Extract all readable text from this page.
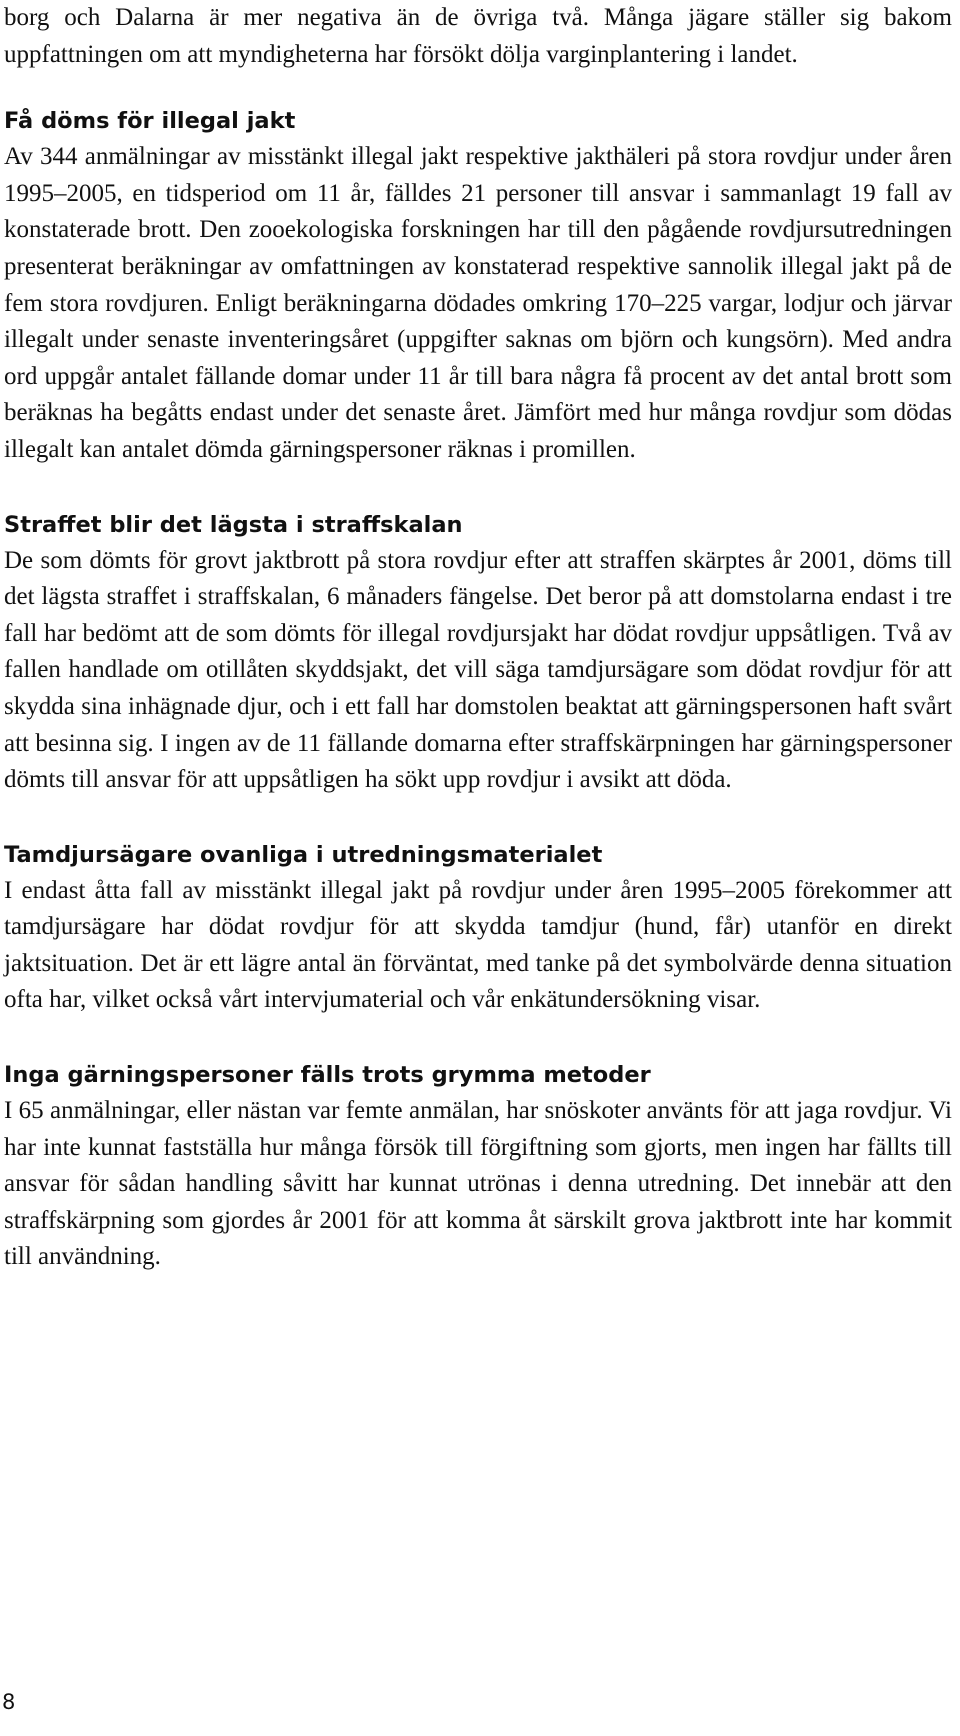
borg och Dalarna är mer negativa än de övriga två. Många jägare ställer sig bakom uppfattningen om att myndigheterna har försökt dölja varginplantering i landet.

Få döms för illegal jakt

Av 344 anmälningar av misstänkt illegal jakt respektive jakthäleri på stora rovdjur under åren 1995–2005, en tidsperiod om 11 år, fälldes 21 personer till ansvar i sammanlagt 19 fall av konstaterade brott. Den zooekologiska forskningen har till den pågående rovdjursutredningen presenterat beräkningar av omfattningen av konstaterad respektive sannolik illegal jakt på de fem stora rovdjuren. Enligt beräkningarna dödades omkring 170–225 vargar, lodjur och järvar illegalt under senaste inventeringsåret (uppgifter saknas om björn och kungsörn). Med andra ord uppgår antalet fällande domar under 11 år till bara några få procent av det antal brott som beräknas ha begåtts endast under det senaste året. Jämfört med hur många rovdjur som dödas illegalt kan antalet dömda gärningspersoner räknas i promillen.

Straffet blir det lägsta i straffskalan

De som dömts för grovt jaktbrott på stora rovdjur efter att straffen skärptes år 2001, döms till det lägsta straffet i straffskalan, 6 månaders fängelse. Det beror på att domstolarna endast i tre fall har bedömt att de som dömts för illegal rovdjursjakt har dödat rovdjur uppsåtligen. Två av fallen handlade om otillåten skyddsjakt, det vill säga tamdjursägare som dödat rovdjur för att skydda sina inhägnade djur, och i ett fall har domstolen beaktat att gärningspersonen haft svårt att besinna sig. I ingen av de 11 fällande domarna efter straffskärpningen har gärningspersoner dömts till ansvar för att uppsåtligen ha sökt upp rovdjur i avsikt att döda.

Tamdjursägare ovanliga i utredningsmaterialet

I endast åtta fall av misstänkt illegal jakt på rovdjur under åren 1995–2005 förekommer att tamdjursägare har dödat rovdjur för att skydda tamdjur (hund, får) utanför en direkt jaktsituation. Det är ett lägre antal än förväntat, med tanke på det symbolvärde denna situation ofta har, vilket också vårt intervjumaterial och vår enkätundersökning visar.

Inga gärningspersoner fälls trots grymma metoder

I 65 anmälningar, eller nästan var femte anmälan, har snöskoter använts för att jaga rovdjur. Vi har inte kunnat fastställa hur många försök till förgiftning som gjorts, men ingen har fällts till ansvar för sådan handling såvitt har kunnat utrönas i denna utredning. Det innebär att den straffskärpning som gjordes år 2001 för att komma åt särskilt grova jaktbrott inte har kommit till användning.

8
